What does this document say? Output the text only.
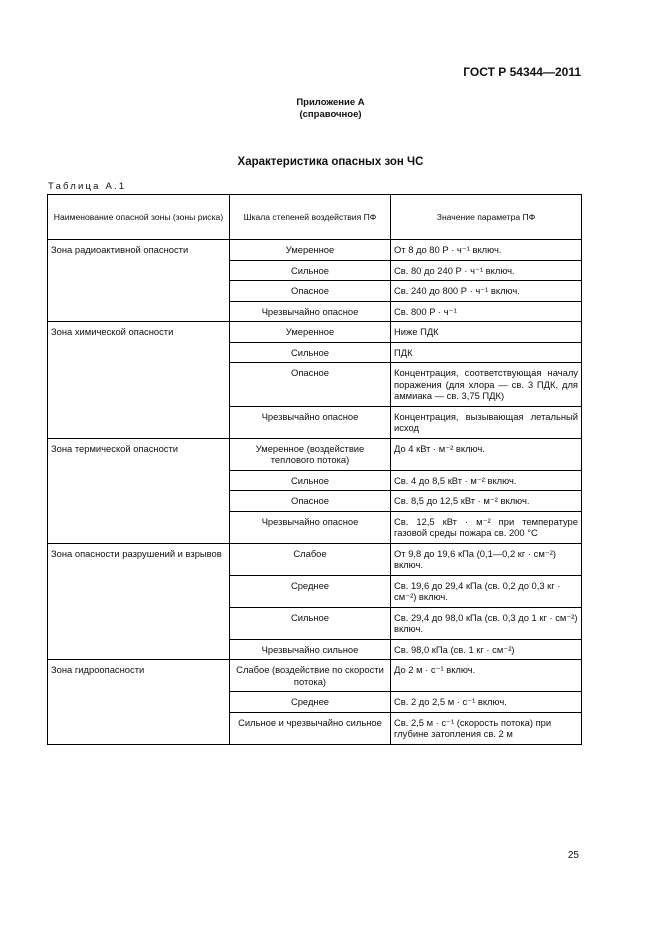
ГОСТ Р 54344—2011
Приложение А
(справочное)
Характеристика опасных зон ЧС
Таблица А.1
Наименование опасной зоны (зоны риска)	Шкала степеней воздействия ПФ	Значение параметра ПФ
Зона радиоактивной опасности	Умеренное	От 8 до 80 Р · ч⁻¹ включ.
	Сильное	Св. 80 до 240 Р · ч⁻¹ включ.
	Опасное	Св. 240 до 800 Р · ч⁻¹ включ.
	Чрезвычайно опасное	Св. 800 Р · ч⁻¹
Зона химической опасности	Умеренное	Ниже ПДК
	Сильное	ПДК
	Опасное	Концентрация, соответствующая началу поражения (для хлора — св. 3 ПДК, для аммиака — св. 3,75 ПДК)
	Чрезвычайно опасное	Концентрация, вызывающая летальный исход
Зона термической опасности	Умеренное (воздействие теплового потока)	До 4 кВт · м⁻² включ.
	Сильное	Св. 4 до 8,5 кВт · м⁻² включ.
	Опасное	Св. 8,5 до 12,5 кВт · м⁻² включ.
	Чрезвычайно опасное	Св. 12,5 кВт · м⁻² при температуре газовой среды пожара св. 200 °С
Зона опасности разрушений и взрывов	Слабое	От 9,8 до 19,6 кПа (0,1—0,2 кг · см⁻²) включ.
	Среднее	Св. 19,6 до 29,4 кПа (св. 0,2 до 0,3 кг · см⁻²) включ.
	Сильное	Св. 29,4 до 98,0 кПа (св. 0,3 до 1 кг · см⁻²) включ.
	Чрезвычайно сильное	Св. 98,0 кПа (св. 1 кг · см⁻²)
Зона гидроопасности	Слабое (воздействие по скорости потока)	До 2 м · с⁻¹ включ.
	Среднее	Св. 2 до 2,5 м · с⁻¹ включ.
	Сильное и чрезвычайно сильное	Св. 2,5 м · с⁻¹ (скорость потока) при глубине затопления св. 2 м
25
